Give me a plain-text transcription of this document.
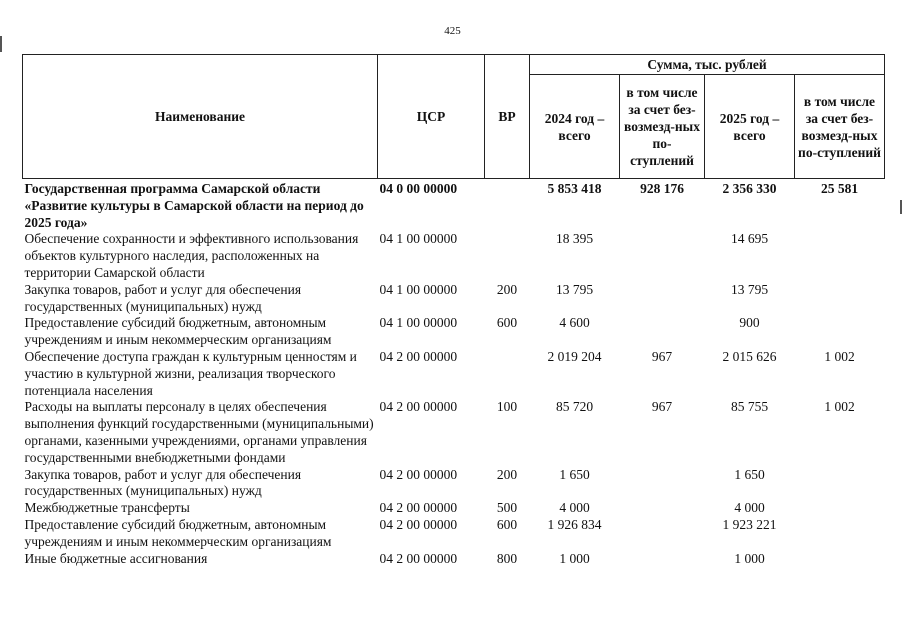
425
Наименование	ЦСР	ВР	Сумма, тыс. рублей			
			2024 год – всего	в том числе за счет без-возмезд-ных по-ступлений	2025 год – всего	в том числе за счет без-возмезд-ных по-ступлений
Государственная программа Самарской области «Развитие культуры в Самарской области на период до 2025 года»	04 0 00 00000		5 853 418	928 176	2 356 330	25 581
Обеспечение сохранности и эффективного использования объектов культурного наследия, расположенных на территории Самарской области	04 1 00 00000		18 395		14 695	
Закупка товаров, работ и услуг для обеспечения государственных (муниципальных) нужд	04 1 00 00000	200	13 795		13 795	
Предоставление субсидий бюджетным, автономным учреждениям и иным некоммерческим организациям	04 1 00 00000	600	4 600		900	
Обеспечение доступа граждан к культурным ценностям и участию в культурной жизни, реализация творческого потенциала населения	04 2 00 00000		2 019 204	967	2 015 626	1 002
Расходы на выплаты персоналу в целях обеспечения выполнения функций государственными (муниципальными) органами, казенными учреждениями, органами управления государственными внебюджетными фондами	04 2 00 00000	100	85 720	967	85 755	1 002
Закупка товаров, работ и услуг для обеспечения государственных (муниципальных) нужд	04 2 00 00000	200	1 650		1 650	
Межбюджетные трансферты	04 2 00 00000	500	4 000		4 000	
Предоставление субсидий бюджетным, автономным учреждениям и иным некоммерческим организациям	04 2 00 00000	600	1 926 834		1 923 221	
Иные бюджетные ассигнования	04 2 00 00000	800	1 000		1 000	
